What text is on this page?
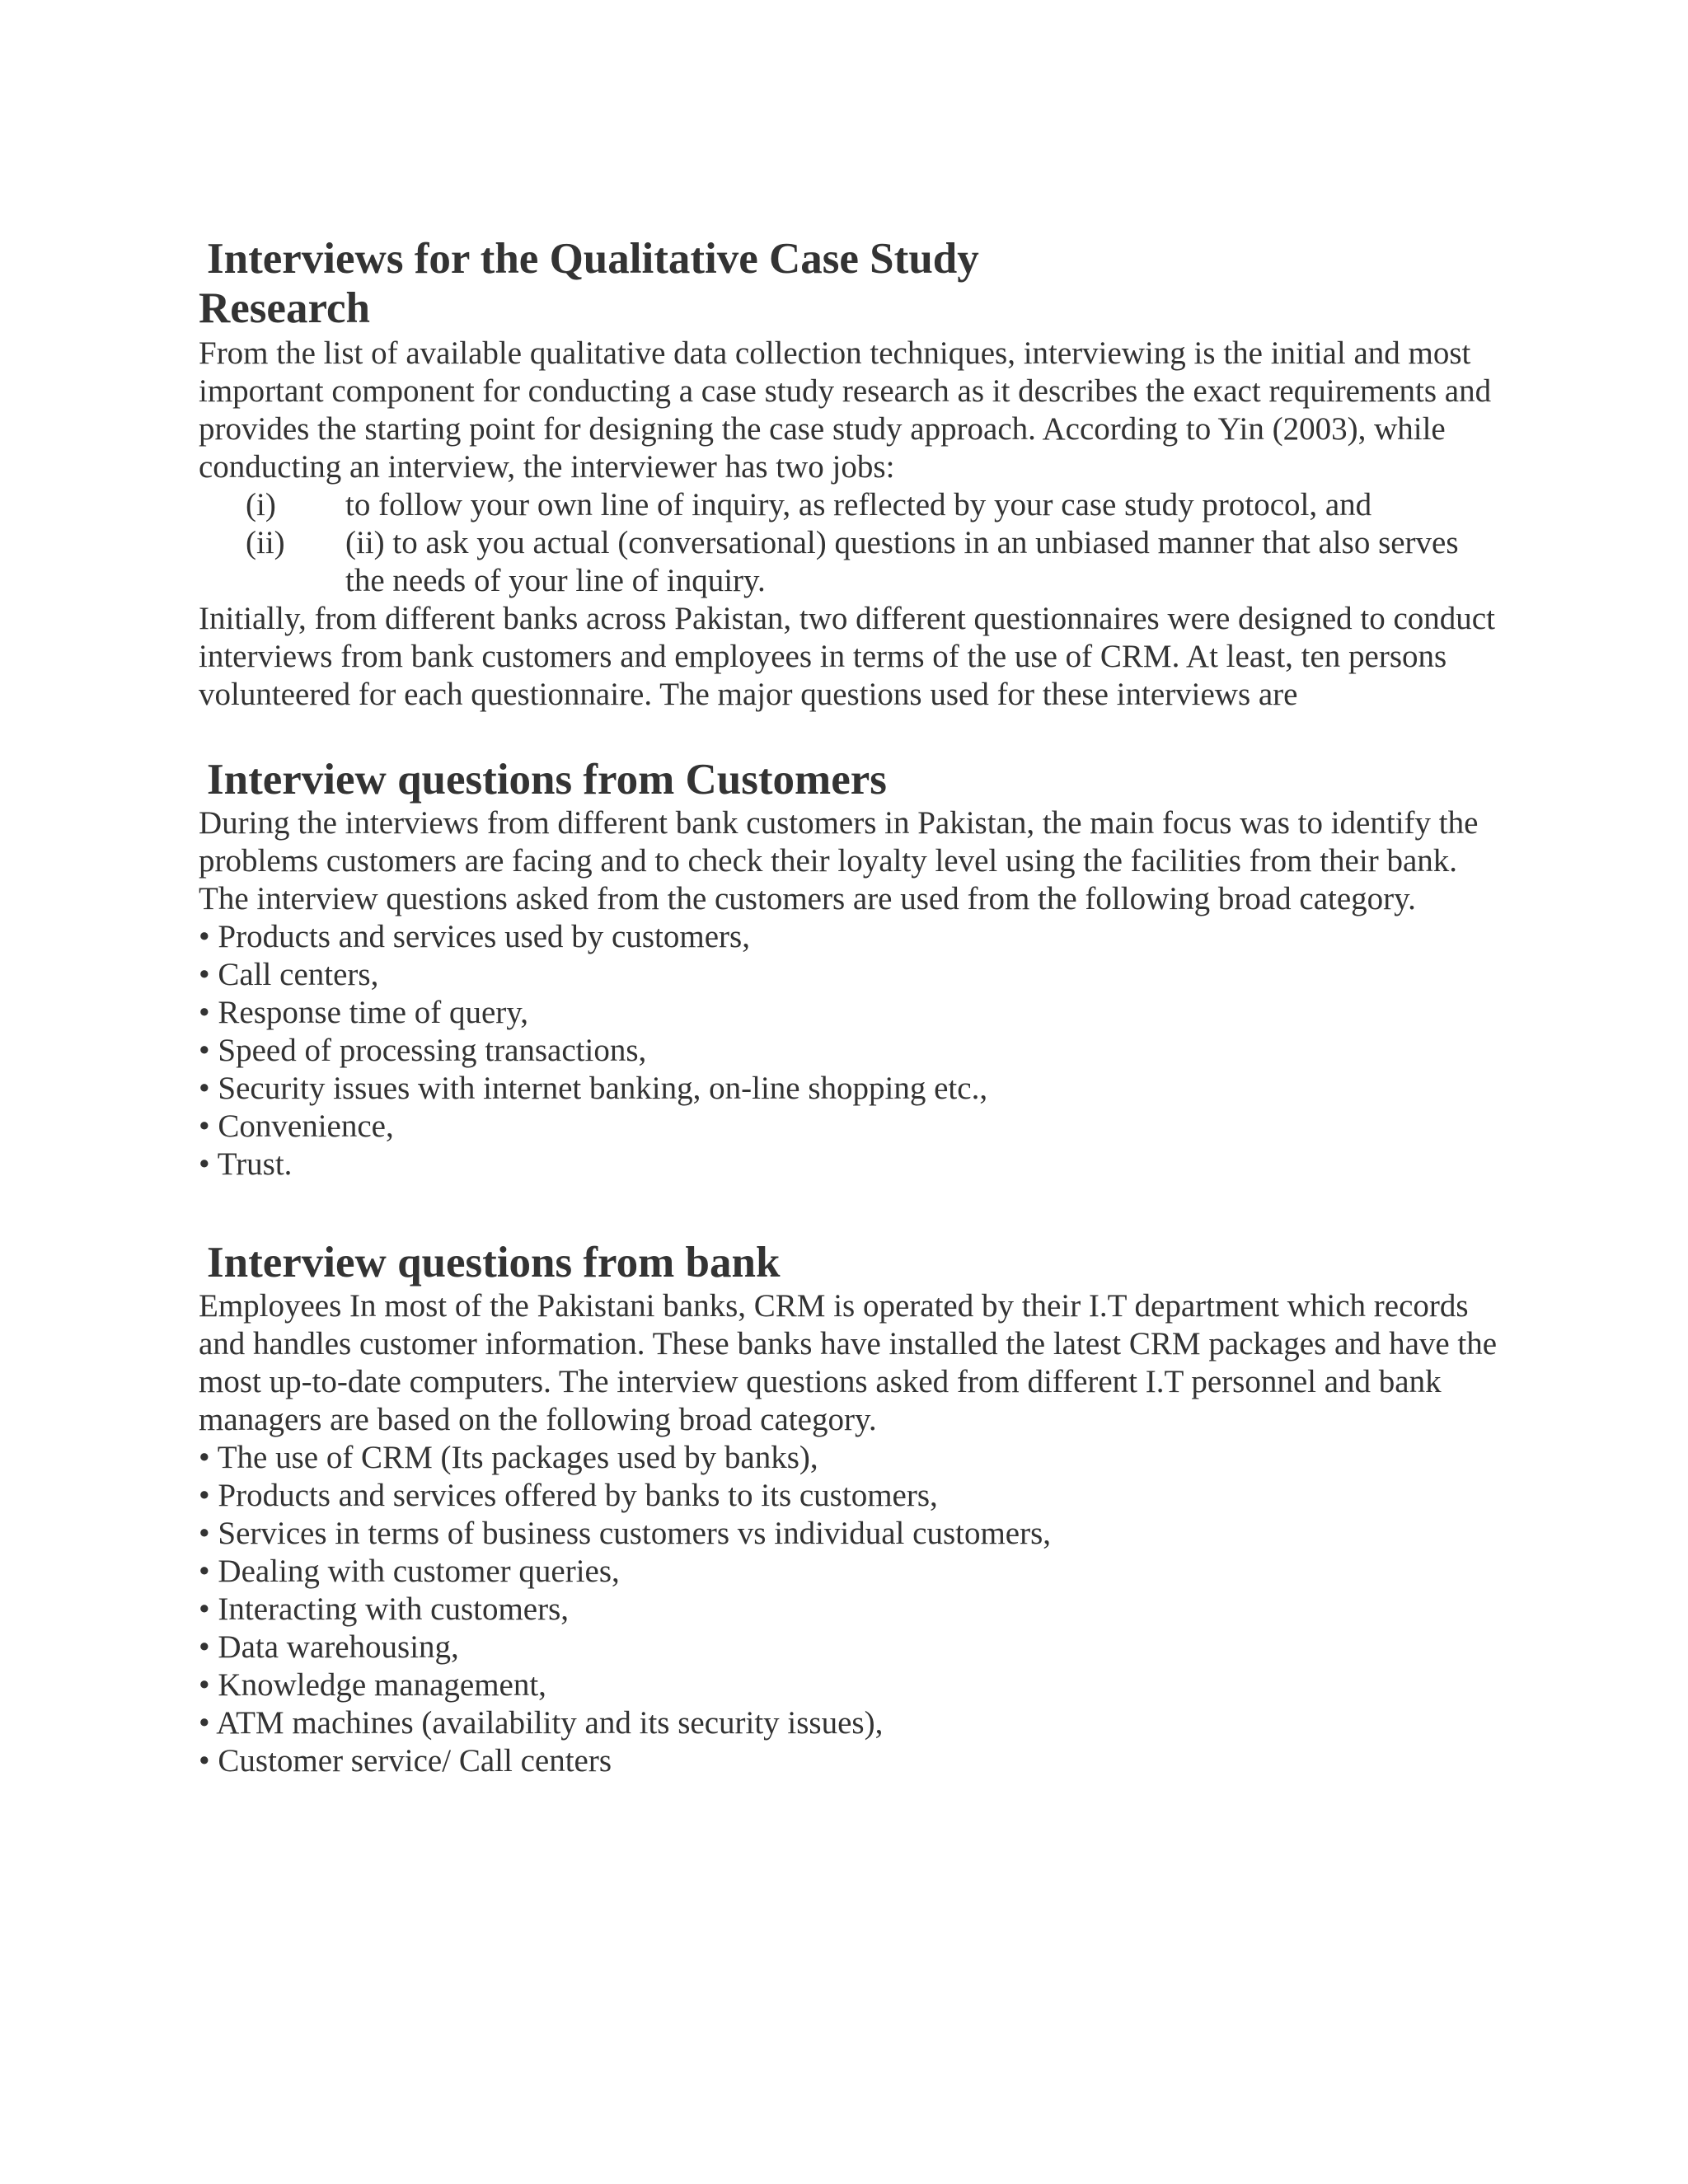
Interviews for the Qualitative Case Study
Research

From the list of available qualitative data collection techniques, interviewing is the initial and most important component for conducting a case study research as it describes the exact requirements and provides the starting point for designing the case study approach. According to Yin (2003), while conducting an interview, the interviewer has two jobs:

(i) to follow your own line of inquiry, as reflected by your case study protocol, and
(ii) (ii) to ask you actual (conversational) questions in an unbiased manner that also serves the needs of your line of inquiry.

Initially, from different banks across Pakistan, two different questionnaires were designed to conduct interviews from bank customers and employees in terms of the use of CRM. At least, ten persons volunteered for each questionnaire. The major questions used for these interviews are

Interview questions from Customers

During the interviews from different bank customers in Pakistan, the main focus was to identify the problems customers are facing and to check their loyalty level using the facilities from their bank. The interview questions asked from the customers are used from the following broad category.

• Products and services used by customers,
• Call centers,
• Response time of query,
• Speed of processing transactions,
• Security issues with internet banking, on-line shopping etc.,
• Convenience,
• Trust.
Interview questions from bank

Employees In most of the Pakistani banks, CRM is operated by their I.T department which records and handles customer information. These banks have installed the latest CRM packages and have the most up-to-date computers. The interview questions asked from different I.T personnel and bank managers are based on the following broad category.

• The use of CRM (Its packages used by banks),
• Products and services offered by banks to its customers,
• Services in terms of business customers vs individual customers,
• Dealing with customer queries,
• Interacting with customers,
• Data warehousing,
• Knowledge management,
• ATM machines (availability and its security issues),
• Customer service/ Call centers
